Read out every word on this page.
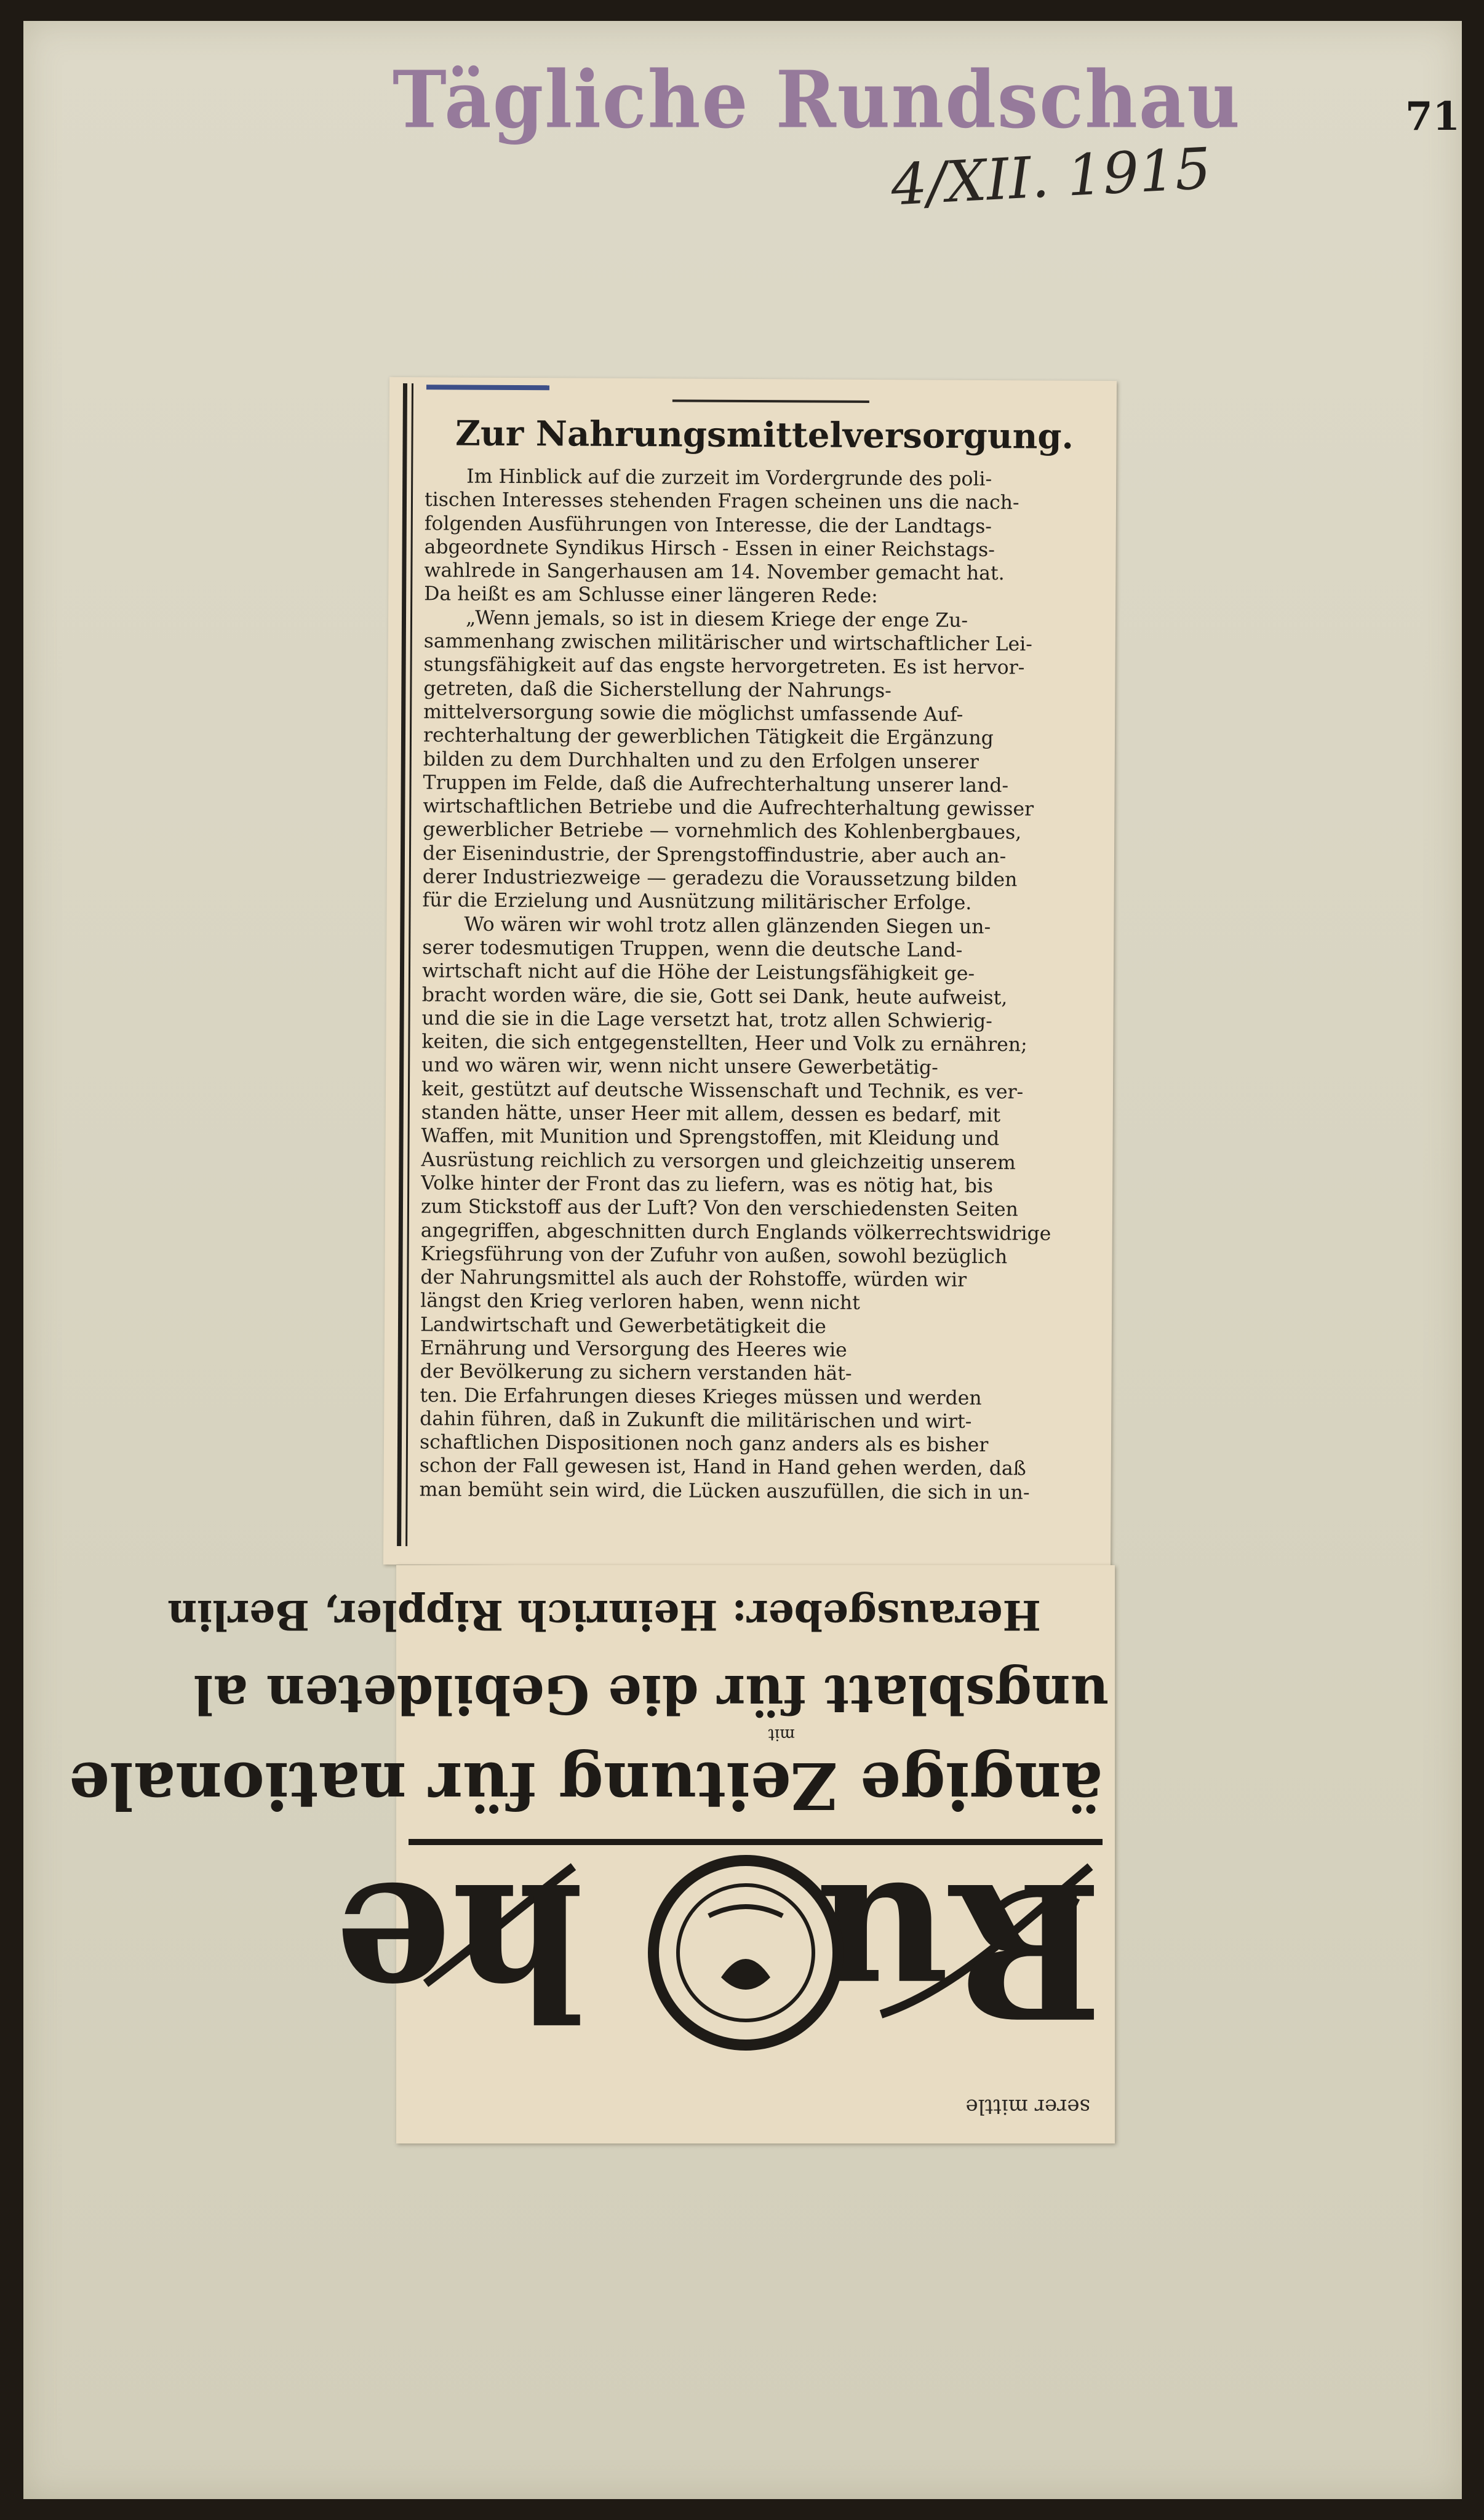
Tägliche Rundschau
4/XII. 1915
71
Zur Nahrungsmittelversorgung.
Im Hinblick auf die zurzeit im Vordergrunde des poli-
tischen Interesses stehenden Fragen scheinen uns die nach-
folgenden Ausführungen von Interesse, die der Landtags-
abgeordnete Syndikus Hirsch - Essen in einer Reichstags-
wahlrede in Sangerhausen am 14. November gemacht hat.
Da heißt es am Schlusse einer längeren Rede:
„Wenn jemals, so ist in diesem Kriege der enge Zu-
sammenhang zwischen militärischer und wirtschaftlicher Lei-
stungsfähigkeit auf das engste hervorgetreten. Es ist hervor-
getreten, daß die Sicherstellung der Nahrungs-
mittelversorgung sowie die möglichst umfassende Auf-
rechterhaltung der gewerblichen Tätigkeit die Ergänzung
bilden zu dem Durchhalten und zu den Erfolgen unserer
Truppen im Felde, daß die Aufrechterhaltung unserer land-
wirtschaftlichen Betriebe und die Aufrechterhaltung gewisser
gewerblicher Betriebe — vornehmlich des Kohlenbergbaues,
der Eisenindustrie, der Sprengstoffindustrie, aber auch an-
derer Industriezweige — geradezu die Voraussetzung bilden
für die Erzielung und Ausnützung militärischer Erfolge.
Wo wären wir wohl trotz allen glänzenden Siegen un-
serer todesmutigen Truppen, wenn die deutsche Land-
wirtschaft nicht auf die Höhe der Leistungsfähigkeit ge-
bracht worden wäre, die sie, Gott sei Dank, heute aufweist,
und die sie in die Lage versetzt hat, trotz allen Schwierig-
keiten, die sich entgegenstellten, Heer und Volk zu ernähren;
und wo wären wir, wenn nicht unsere Gewerbetätig-
keit, gestützt auf deutsche Wissenschaft und Technik, es ver-
standen hätte, unser Heer mit allem, dessen es bedarf, mit
Waffen, mit Munition und Sprengstoffen, mit Kleidung und
Ausrüstung reichlich zu versorgen und gleichzeitig unserem
Volke hinter der Front das zu liefern, was es nötig hat, bis
zum Stickstoff aus der Luft? Von den verschiedensten Seiten
angegriffen, abgeschnitten durch Englands völkerrechtswidrige
Kriegsführung von der Zufuhr von außen, sowohl bezüglich
der Nahrungsmittel als auch der Rohstoffe, würden wir
längst den Krieg verloren haben, wenn nicht
Landwirtschaft und Gewerbetätigkeit die
Ernährung und Versorgung des Heeres wie
der Bevölkerung zu sichern verstanden hät-
ten. Die Erfahrungen dieses Krieges müssen und werden
dahin führen, daß in Zukunft die militärischen und wirt-
schaftlichen Dispositionen noch ganz anders als es bisher
schon der Fall gewesen ist, Hand in Hand gehen werden, daß
man bemüht sein wird, die Lücken auszufüllen, die sich in un-
serer mittle
Ru
he
ängige Zeitung für nationale
mit
ungsblatt für die Gebildeten al
Herausgeber: Heinrich Rippler, Berlin
